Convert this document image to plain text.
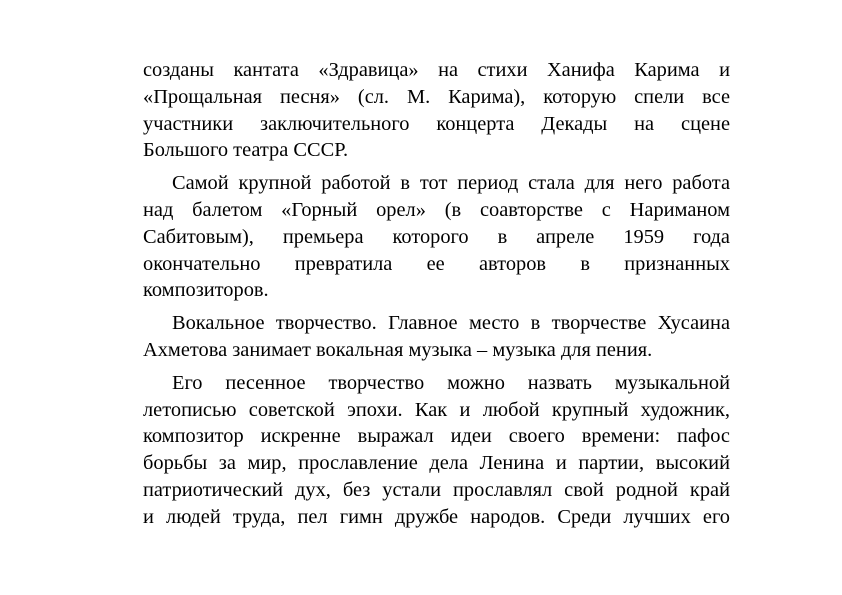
созданы кантата «Здравица» на стихи Ханифа Карима и
«Прощальная песня» (сл. М. Карима), которую спели все
участники заключительного концерта Декады на сцене
Большого театра СССР.
Самой крупной работой в тот период стала для него работа
над балетом «Горный орел» (в соавторстве с Нариманом
Сабитовым), премьера которого в апреле 1959 года
окончательно превратила ее авторов в признанных
композиторов.
Вокальное творчество. Главное место в творчестве Хусаина
Ахметова занимает вокальная музыка – музыка для пения.
Его песенное творчество можно назвать музыкальной
летописью советской эпохи. Как и любой крупный художник,
композитор искренне выражал идеи своего времени: пафос
борьбы за мир, прославление дела Ленина и партии, высокий
патриотический дух, без устали прославлял свой родной край
и людей труда, пел гимн дружбе народов. Среди лучших его
